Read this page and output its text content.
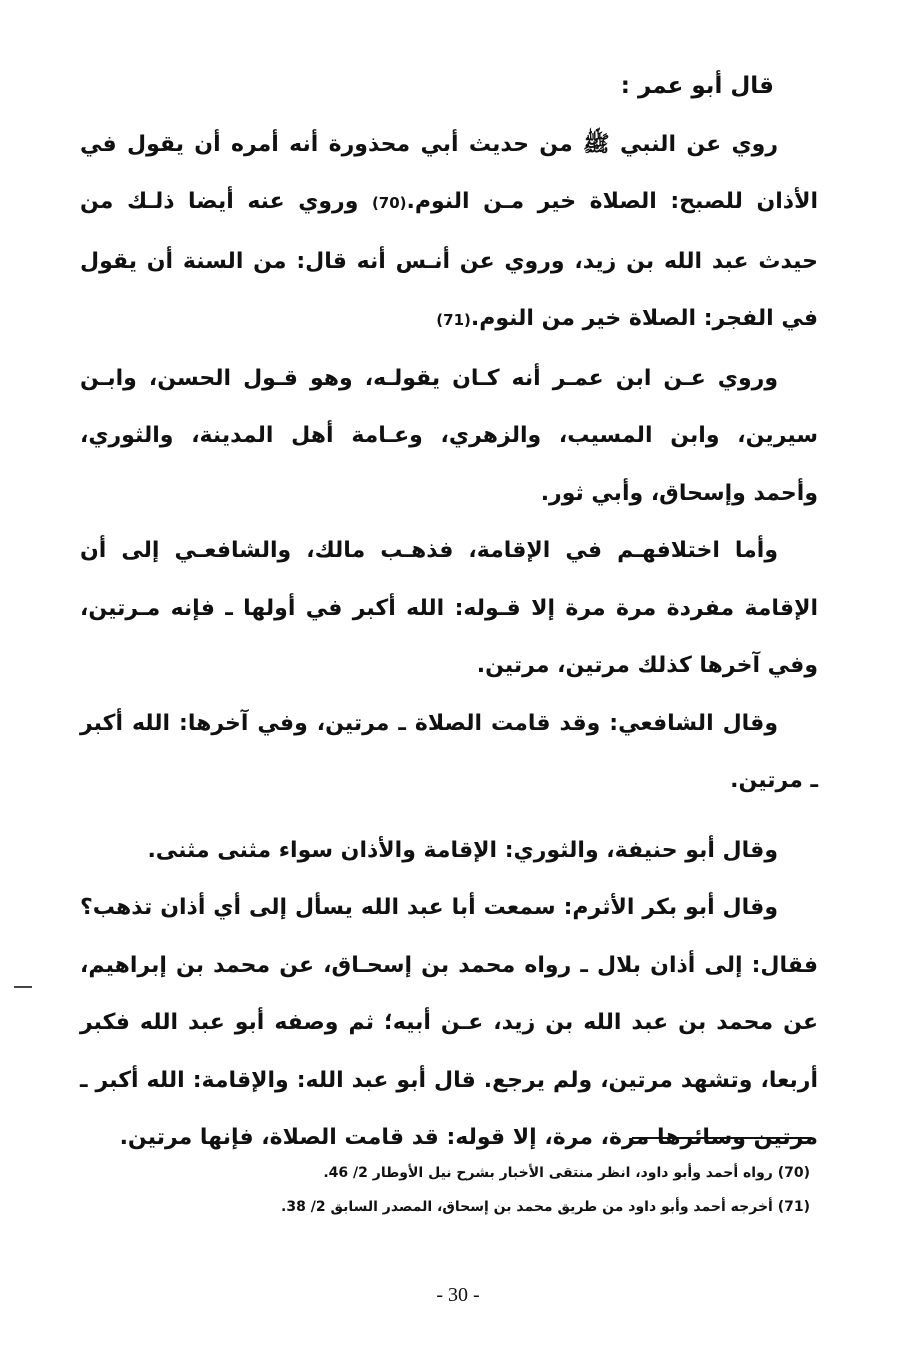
قال أبو عمر :

روي عن النبي ﷺ من حديث أبي محذورة أنه أمره أن يقول في الأذان للصبح: الصلاة خير مـن النوم.(70) وروي عنه أيضا ذلـك من حيدث عبد الله بن زيد، وروي عن أنـس أنه قال: من السنة أن يقول في الفجر: الصلاة خير من النوم.(71)

وروي عـن ابن عمـر أنه كـان يقولـه، وهو قـول الحسن، وابـن سيرين، وابن المسيب، والزهري، وعـامة أهل المدينة، والثوري، وأحمد وإسحاق، وأبي ثور.

وأما اختلافهـم في الإقامة، فذهـب مالك، والشافعـي إلى أن الإقامة مفردة مرة مرة إلا قـوله: الله أكبر في أولها ـ فإنه مـرتين، وفي آخرها كذلك مرتين، مرتين.

وقال الشافعي: وقد قامت الصلاة ـ مرتين، وفي آخرها: الله أكبر ـ مرتين.

وقال أبو حنيفة، والثوري: الإقامة والأذان سواء مثنى مثنى.

وقال أبو بكر الأثرم: سمعت أبا عبد الله يسأل إلى أي أذان تذهب؟ فقال: إلى أذان بلال ـ رواه محمد بن إسحـاق، عن محمد بن إبراهيم، عن محمد بن عبد الله بن زيد، عـن أبيه؛ ثم وصفه أبو عبد الله فكبر أربعا، وتشهد مرتين، ولم يرجع. قال أبو عبد الله: والإقامة: الله أكبر ـ مرتين وسائرها مرة، مرة، إلا قوله: قد قامت الصلاة، فإنها مرتين.

(70) رواه أحمد وأبو داود، انظر منتقى الأخبار بشرح نيل الأوطار 2/ 46.

(71) أخرجه أحمد وأبو داود من طريق محمد بن إسحاق، المصدر السابق 2/ 38.

- 30 -
